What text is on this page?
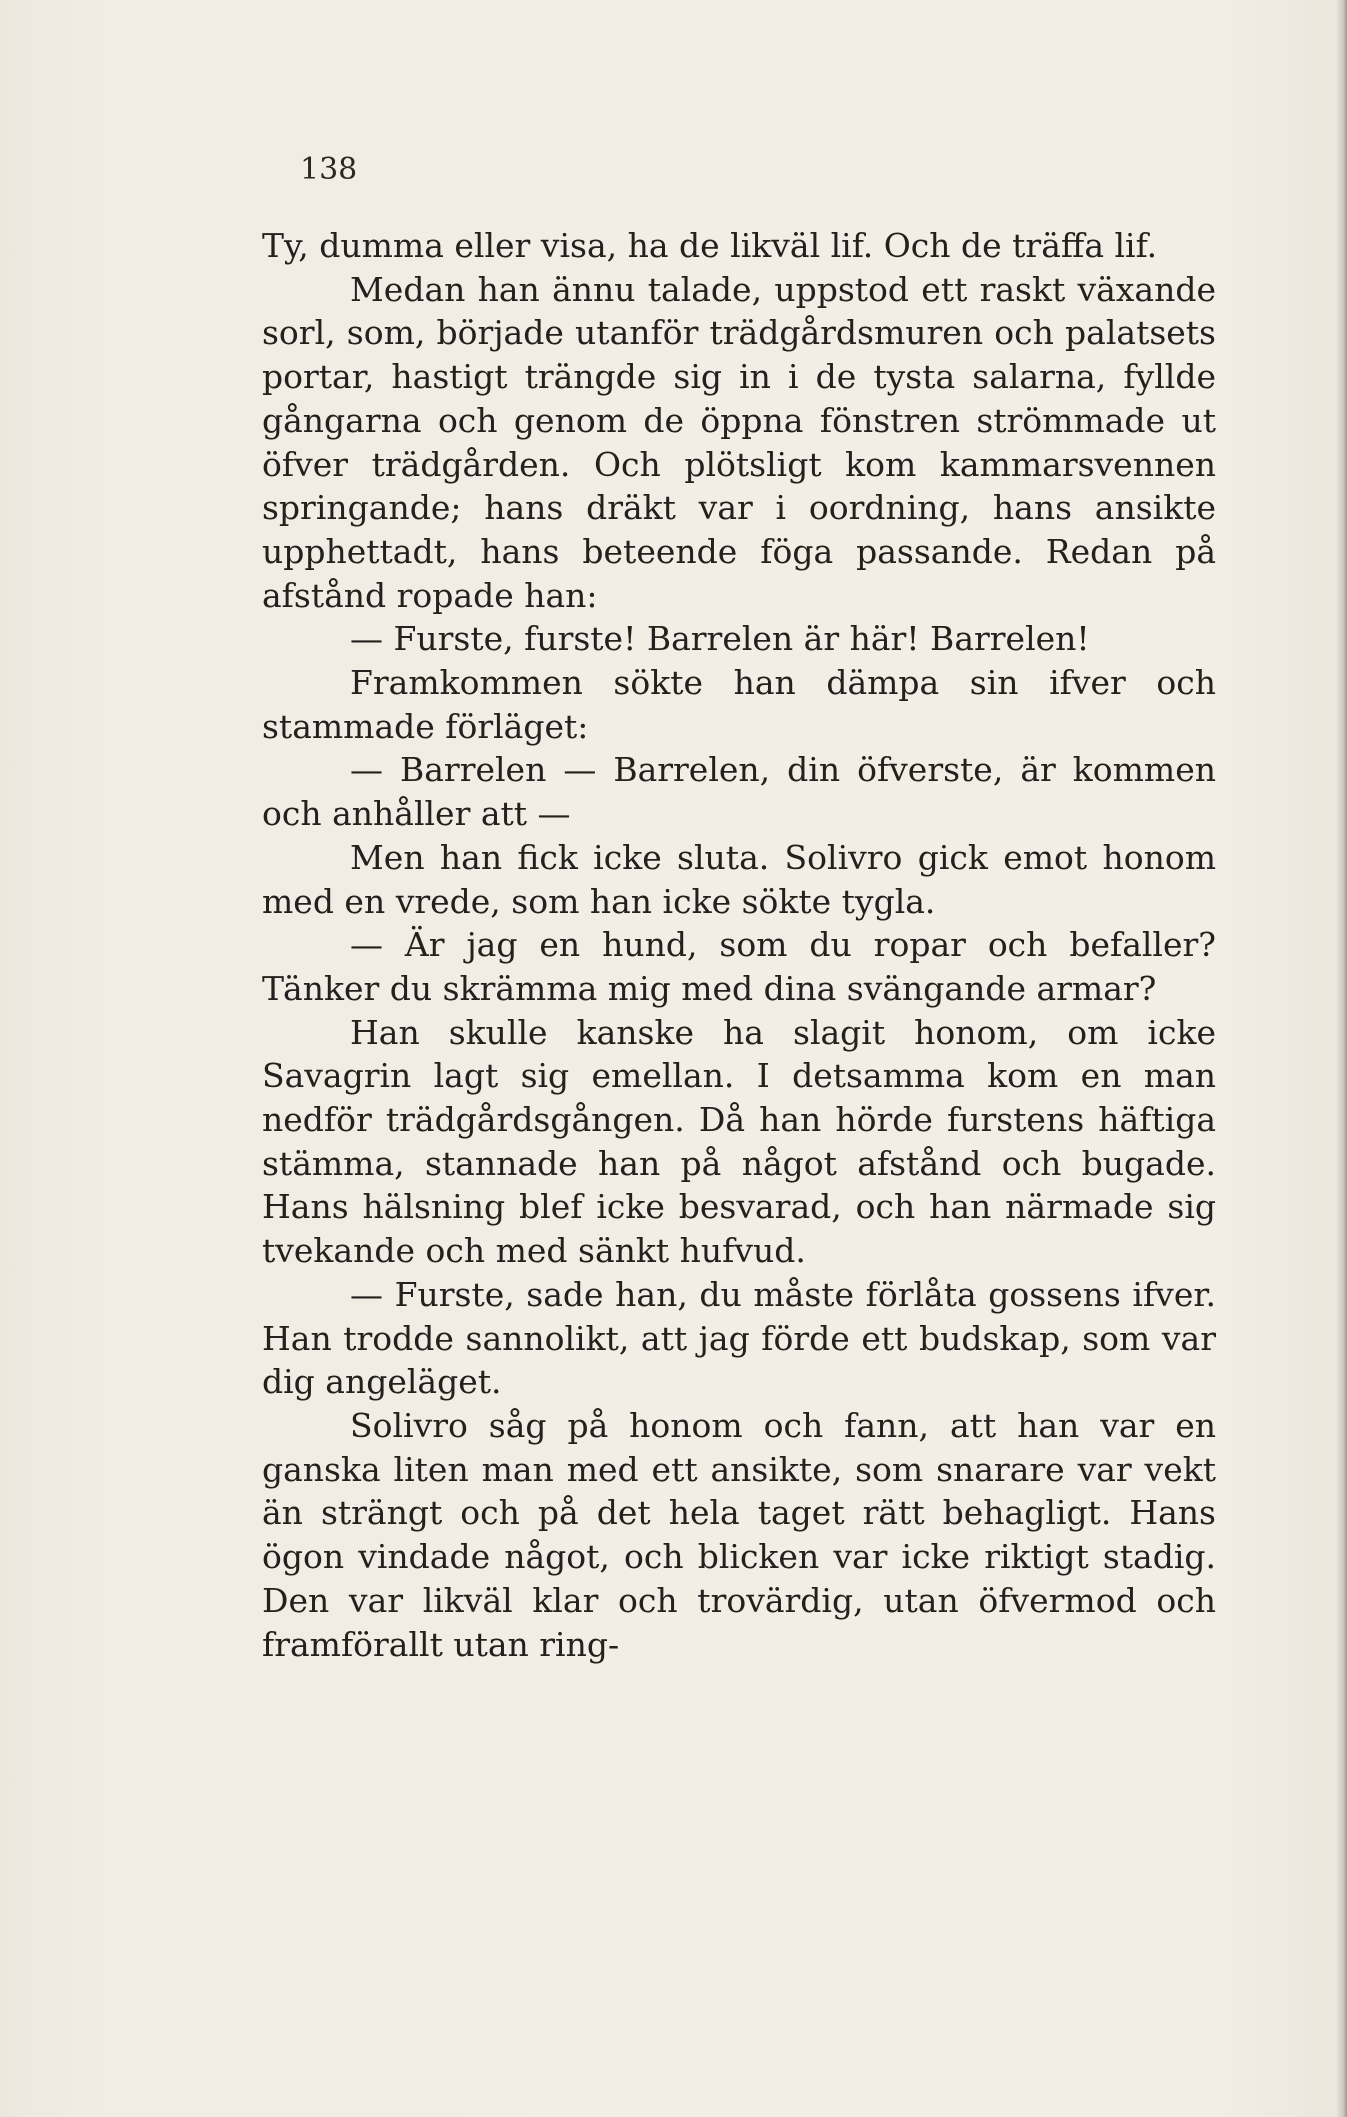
138

Ty, dumma eller visa, ha de likväl lif. Och de träffa lif.

Medan han ännu talade, uppstod ett raskt växande sorl, som, började utanför trädgårdsmuren och palatsets portar, hastigt trängde sig in i de tysta salarna, fyllde gångarna och genom de öppna fönstren strömmade ut öfver trädgården. Och plötsligt kom kammarsvennen springande; hans dräkt var i oordning, hans ansikte upphettadt, hans beteende föga passande. Redan på afstånd ropade han:

— Furste, furste! Barrelen är här! Barrelen!

Framkommen sökte han dämpa sin ifver och stammade förläget:

— Barrelen — Barrelen, din öfverste, är kommen och anhåller att —

Men han fick icke sluta. Solivro gick emot honom med en vrede, som han icke sökte tygla.

— Är jag en hund, som du ropar och befaller? Tänker du skrämma mig med dina svängande armar?

Han skulle kanske ha slagit honom, om icke Savagrin lagt sig emellan. I detsamma kom en man nedför trädgårdsgången. Då han hörde furstens häftiga stämma, stannade han på något afstånd och bugade. Hans hälsning blef icke besvarad, och han närmade sig tvekande och med sänkt hufvud.

— Furste, sade han, du måste förlåta gossens ifver. Han trodde sannolikt, att jag förde ett budskap, som var dig angeläget.

Solivro såg på honom och fann, att han var en ganska liten man med ett ansikte, som snarare var vekt än strängt och på det hela taget rätt behagligt. Hans ögon vindade något, och blicken var icke riktigt stadig. Den var likväl klar och trovärdig, utan öfvermod och framförallt utan ring-
